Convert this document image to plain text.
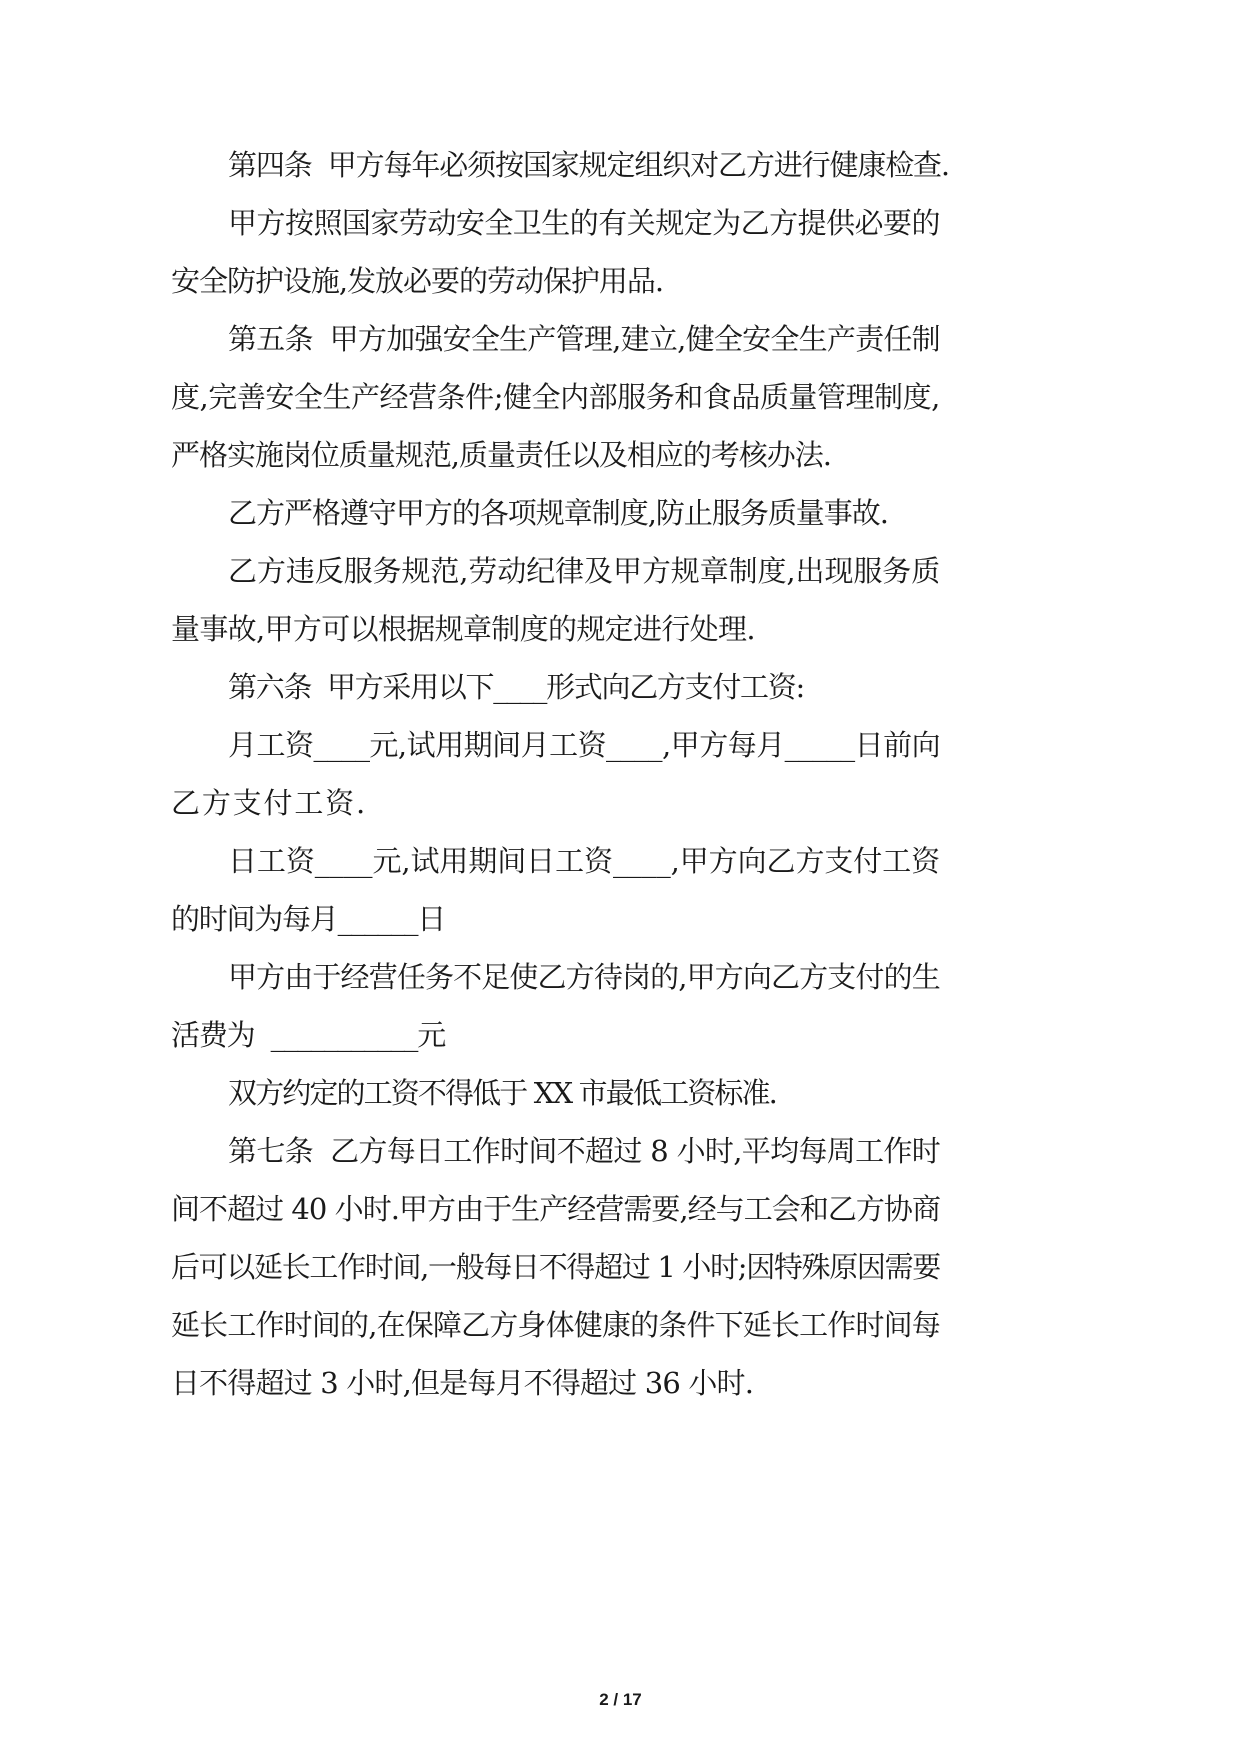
第四条  甲方每年必须按国家规定组织对乙方进行健康检查.
甲方按照国家劳动安全卫生的有关规定为乙方提供必要的
安全防护设施,发放必要的劳动保护用品.
第五条  甲方加强安全生产管理,建立,健全安全生产责任制
度,完善安全生产经营条件;健全内部服务和食品质量管理制度,
严格实施岗位质量规范,质量责任以及相应的考核办法.
乙方严格遵守甲方的各项规章制度,防止服务质量事故.
乙方违反服务规范,劳动纪律及甲方规章制度,出现服务质
量事故,甲方可以根据规章制度的规定进行处理.
第六条  甲方采用以下____形式向乙方支付工资:
月工资____元,试用期间月工资____,甲方每月_____日前向
乙方支付工资.
日工资____元,试用期间日工资____,甲方向乙方支付工资
的时间为每月______日
甲方由于经营任务不足使乙方待岗的,甲方向乙方支付的生
活费为  ___________元
双方约定的工资不得低于 XX 市最低工资标准.
第七条  乙方每日工作时间不超过 8 小时,平均每周工作时
间不超过 40 小时.甲方由于生产经营需要,经与工会和乙方协商
后可以延长工作时间,一般每日不得超过 1 小时;因特殊原因需要
延长工作时间的,在保障乙方身体健康的条件下延长工作时间每
日不得超过 3 小时,但是每月不得超过 36 小时.
2 / 17
